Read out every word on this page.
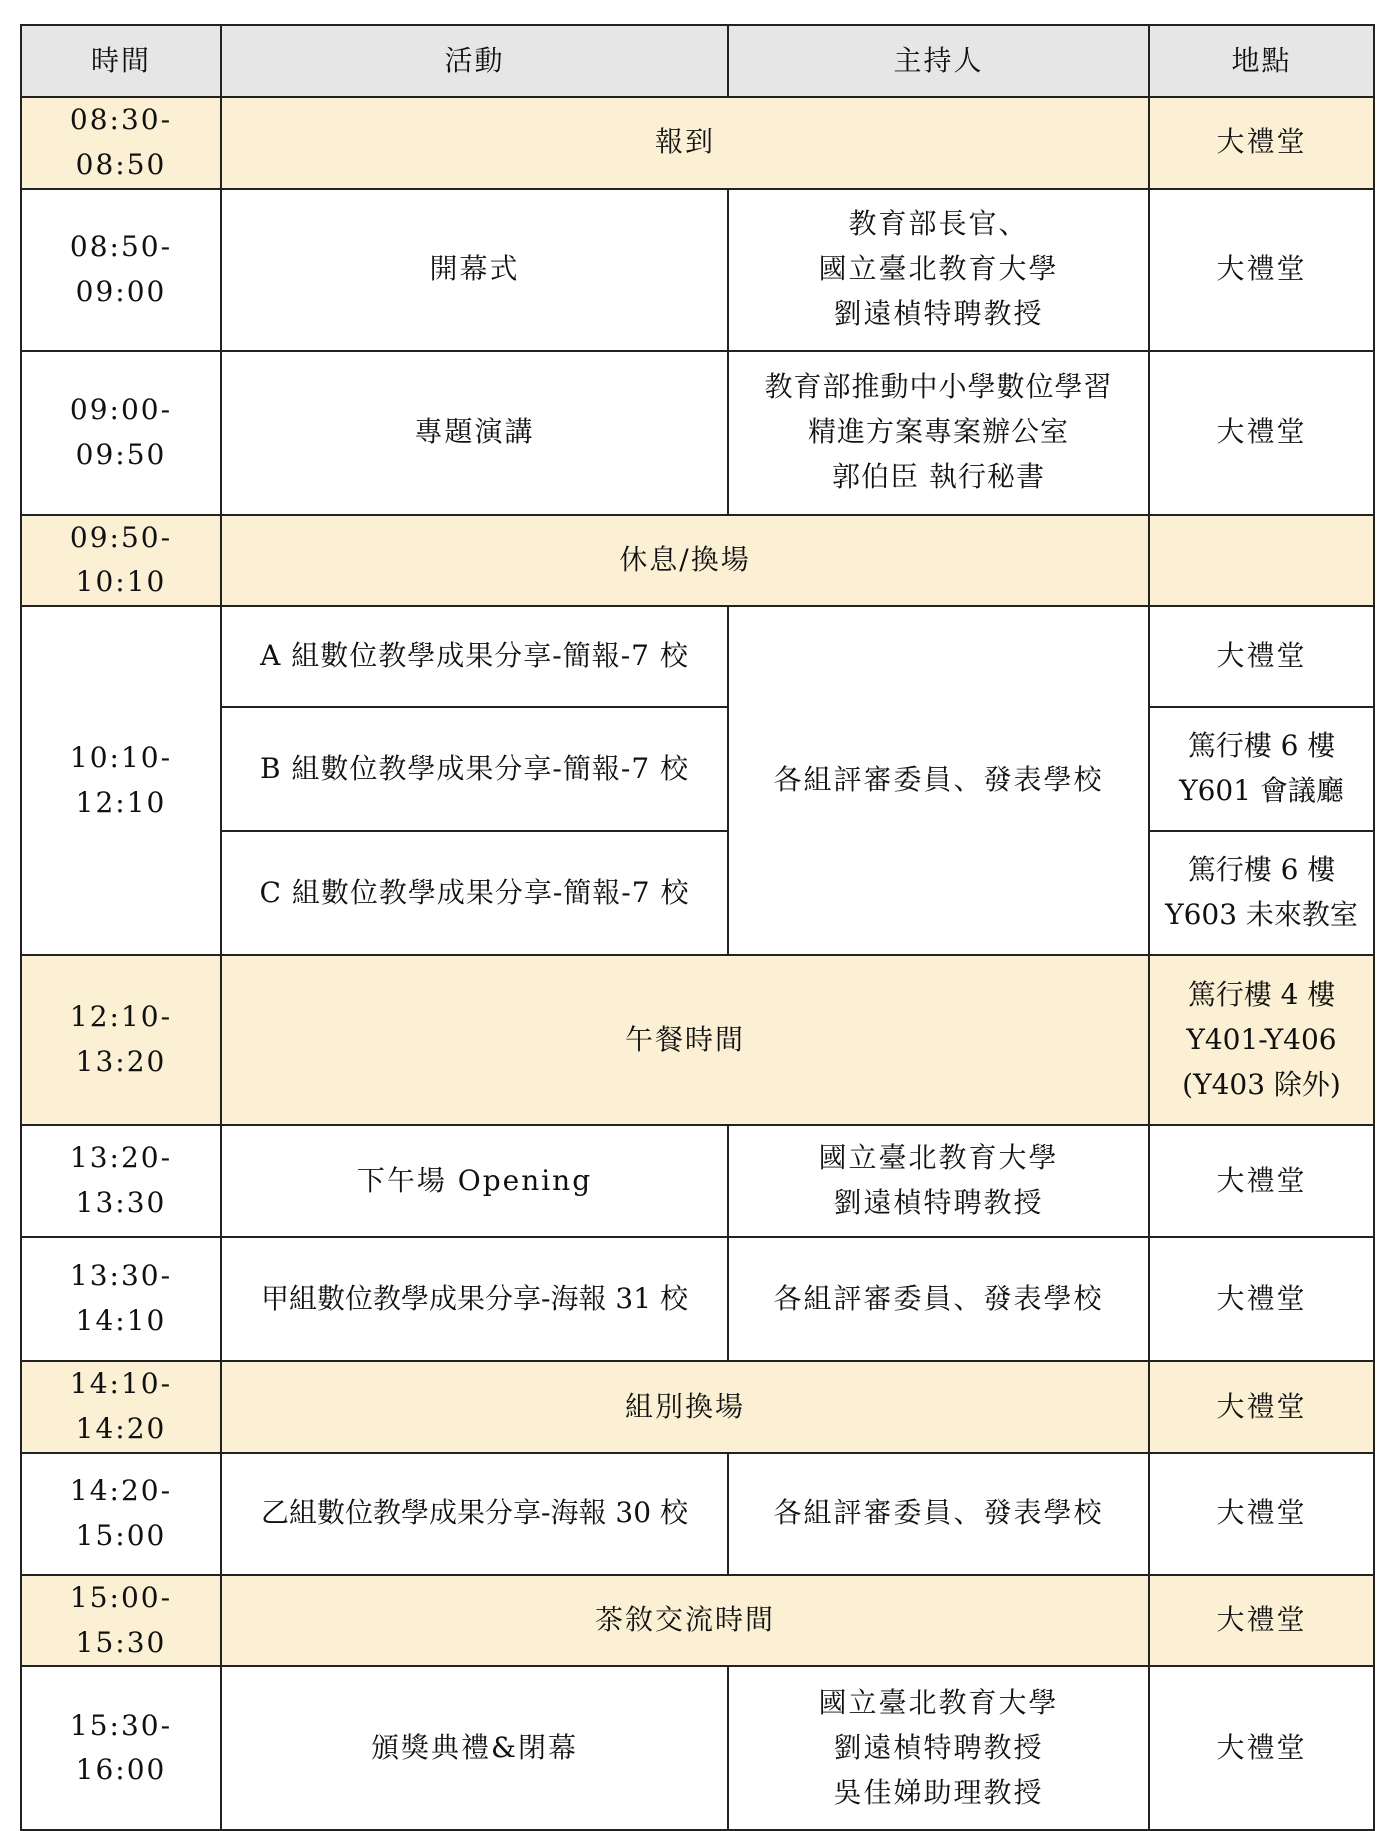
時間	活動	主持人	地點
08:30-08:50	報到		大禮堂
08:50-09:00	開幕式	教育部長官、
國立臺北教育大學
劉遠楨特聘教授	大禮堂
09:00-09:50	專題演講	教育部推動中小學數位學習
精進方案專案辦公室
郭伯臣 執行秘書	大禮堂
09:50-10:10	休息/換場		
10:10-12:10	A 組數位教學成果分享-簡報-7 校	各組評審委員、發表學校	大禮堂

	B 組數位教學成果分享-簡報-7 校		篤行樓 6 樓
Y601 會議廳

	C 組數位教學成果分享-簡報-7 校		篤行樓 6 樓
Y603 未來教室

12:10-13:20	午餐時間		篤行樓 4 樓
Y401-Y406
(Y403 除外)

13:20-13:30	下午場 Opening	國立臺北教育大學
劉遠楨特聘教授	大禮堂
13:30-14:10	甲組數位教學成果分享-海報 31 校	各組評審委員、發表學校	大禮堂
14:10-14:20	組別換場		大禮堂
14:20-15:00	乙組數位教學成果分享-海報 30 校	各組評審委員、發表學校	大禮堂
15:00-15:30	茶敘交流時間		大禮堂
15:30-16:00	頒獎典禮&閉幕	國立臺北教育大學
劉遠楨特聘教授
吳佳娣助理教授	大禮堂
